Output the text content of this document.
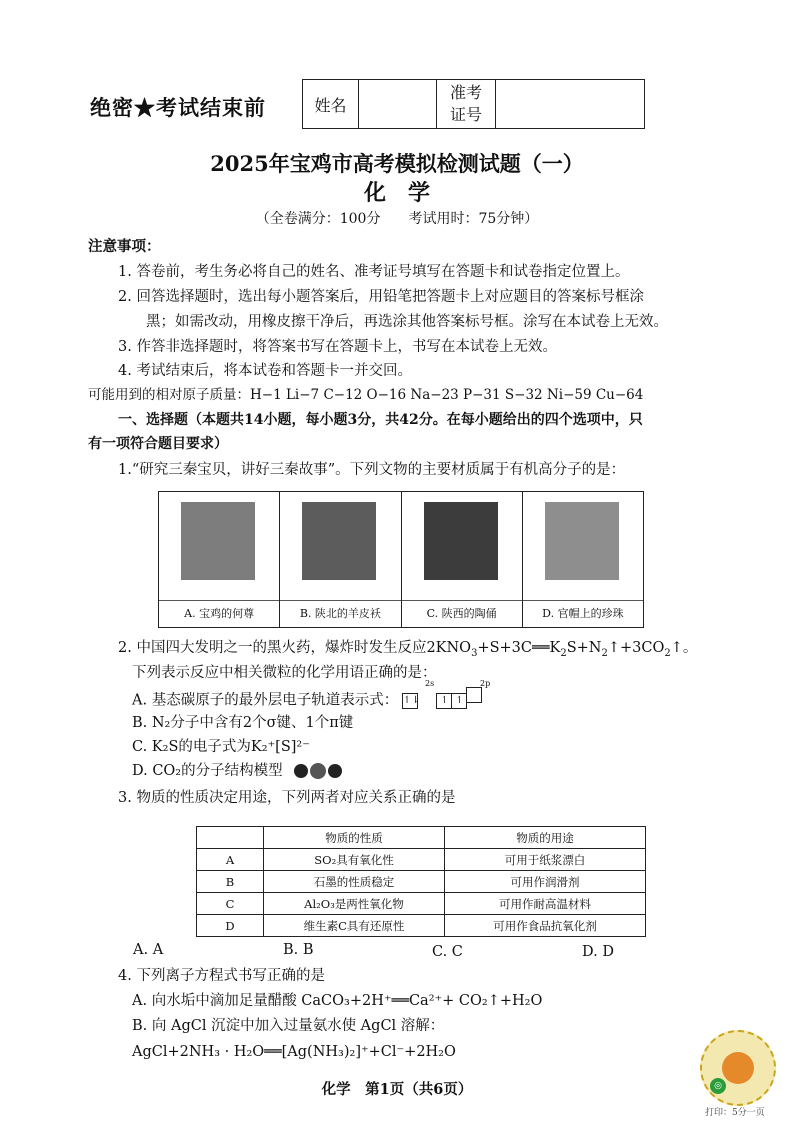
绝密★考试结束前	姓名		
准考
证号

2025年宝鸡市高考模拟检测试题（一）
化学
（全卷满分：100分　　考试用时：75分钟）
注意事项：
1. 答卷前，考生务必将自己的姓名、准考证号填写在答题卡和试卷指定位置上。
2. 回答选择题时，选出每小题答案后，用铅笔把答题卡上对应题目的答案标号框涂
黑；如需改动，用橡皮擦干净后，再选涂其他答案标号框。涂写在本试卷上无效。
3. 作答非选择题时，将答案书写在答题卡上，书写在本试卷上无效。
4. 考试结束后，将本试卷和答题卡一并交回。
可能用到的相对原子质量：H−1 Li−7 C−12 O−16 Na−23 P−31 S−32 Ni−59 Cu−64
一、选择题（本题共14小题，每小题3分，共42分。在每小题给出的四个选项中，只
有一项符合题目要求）
1.“研究三秦宝贝，讲好三秦故事”。下列文物的主要材质属于有机高分子的是：
A. 宝鸡的何尊	B. 陕北的羊皮袄	C. 陕西的陶俑	D. 官帽上的珍珠
2. 中国四大发明之一的黑火药，爆炸时发生反应$2KNO_3+S+3C══K_2S+N_2↑+3CO_2↑$。
下列表示反应中相关微粒的化学用语正确的是：
A. 基态碳原子的最外层电子轨道表示式： ↿⇂ ↿ ↿
2s	2p
B. N₂分子中含有2个σ键、1个π键
C. K₂S的电子式为K₂⁺[S]²⁻
D. CO₂的分子结构模型
3. 物质的性质决定用途，下列两者对应关系正确的是
	物质的性质	物质的用途
A	SO₂具有氧化性	可用于纸浆漂白
B	石墨的性质稳定	可用作润滑剂
C	Al₂O₃是两性氧化物	可用作耐高温材料
D	维生素C具有还原性	可用作食品抗氧化剂
A. A	B. B	C. C	D. D
4. 下列离子方程式书写正确的是
A. 向水垢中滴加足量醋酸 CaCO₃+2H⁺══Ca²⁺+ CO₂↑+H₂O
B. 向 AgCl 沉淀中加入过量氨水使 AgCl 溶解：
AgCl+2NH₃ · H₂O══[Ag(NH₃)₂]⁺+Cl⁻+2H₂O
化学　第1页（共6页）	◎
打印：5分一页
